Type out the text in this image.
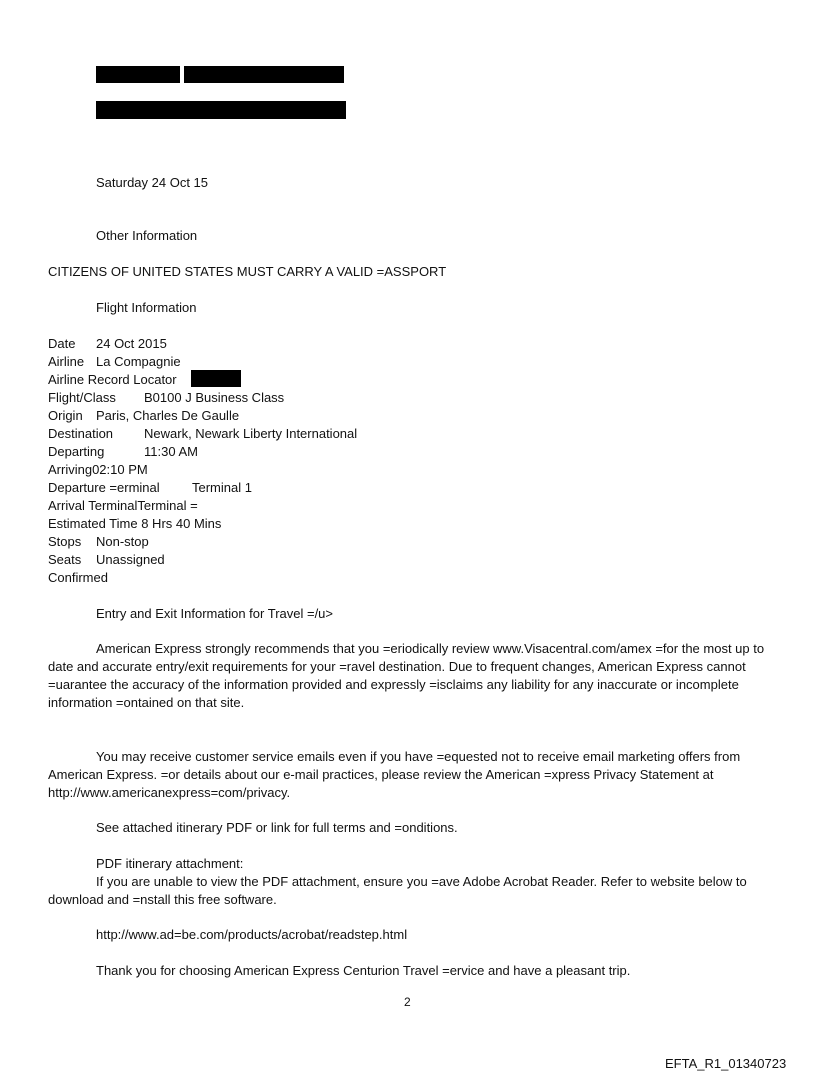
Saturday 24 Oct 15
Other Information
CITIZENS OF UNITED STATES MUST CARRY A VALID =ASSPORT
Flight Information
Date 24 Oct 2015
Airline La Compagnie
Airline Record Locator
Flight/Class B0100 J Business Class
Origin Paris, Charles De Gaulle
Destination Newark, Newark Liberty International
Departing	11:30 AM
Arriving02:10 PM
Departure =erminal Terminal 1
Arrival TerminalTerminal =
Estimated Time 8 Hrs 40 Mins
Stops Non-stop
Seats Unassigned
Confirmed
Entry and Exit Information for Travel =/u>
American Express strongly recommends that you =eriodically review www.Visacentral.com/amex =for the most up to date and accurate entry/exit requirements for your =ravel destination. Due to frequent changes, American Express cannot =uarantee the accuracy of the information provided and expressly =isclaims any liability for any inaccurate or incomplete information =ontained on that site.
You may receive customer service emails even if you have =equested not to receive email marketing offers from American Express. =or details about our e-mail practices, please review the American =xpress Privacy Statement at http://www.americanexpress=com/privacy.
See attached itinerary PDF or link for full terms and =onditions.
PDF itinerary attachment:
If you are unable to view the PDF attachment, ensure you =ave Adobe Acrobat Reader. Refer to website below to download and =nstall this free software.
http://www.ad=be.com/products/acrobat/readstep.html
Thank you for choosing American Express Centurion Travel =ervice and have a pleasant trip.
2
EFTA_R1_01340723
